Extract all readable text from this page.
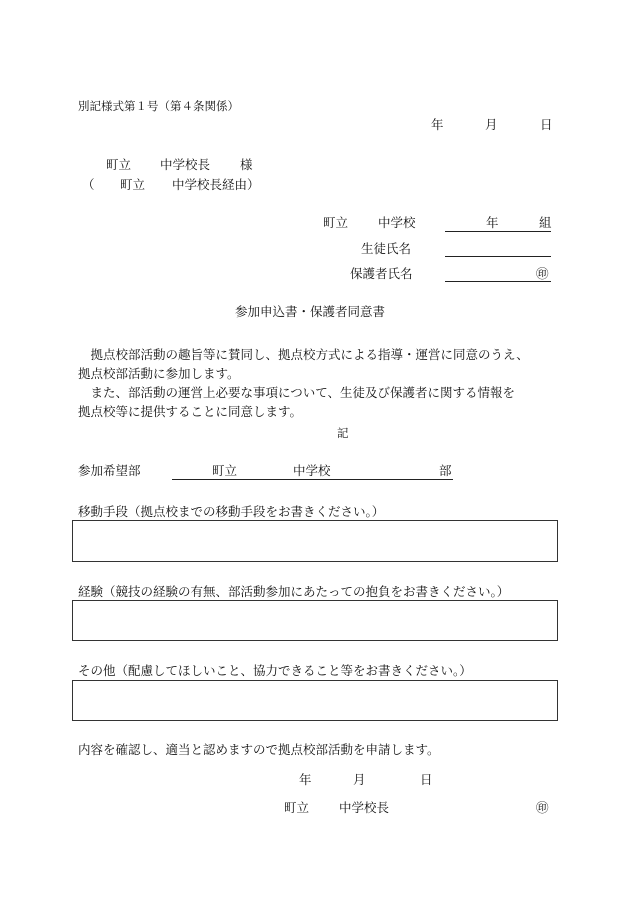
別記様式第１号（第４条関係）
年	月	日
町立 中学校長 様
（ 町立 中学校長経由）
町立 中学校	年	組
生徒氏名
保護者氏名	㊞
参加申込書・保護者同意書
　拠点校部活動の趣旨等に賛同し、拠点校方式による指導・運営に同意のうえ、
拠点校部活動に参加します。
　また、部活動の運営上必要な事項について、生徒及び保護者に関する情報を
拠点校等に提供することに同意します。
記
参加希望部	町立	中学校	部
移動手段（拠点校までの移動手段をお書きください。）
経験（競技の経験の有無、部活動参加にあたっての抱負をお書きください。）
その他（配慮してほしいこと、協力できること等をお書きください。）
内容を確認し、適当と認めますので拠点校部活動を申請します。
年	月	日
町立 中学校長	㊞
